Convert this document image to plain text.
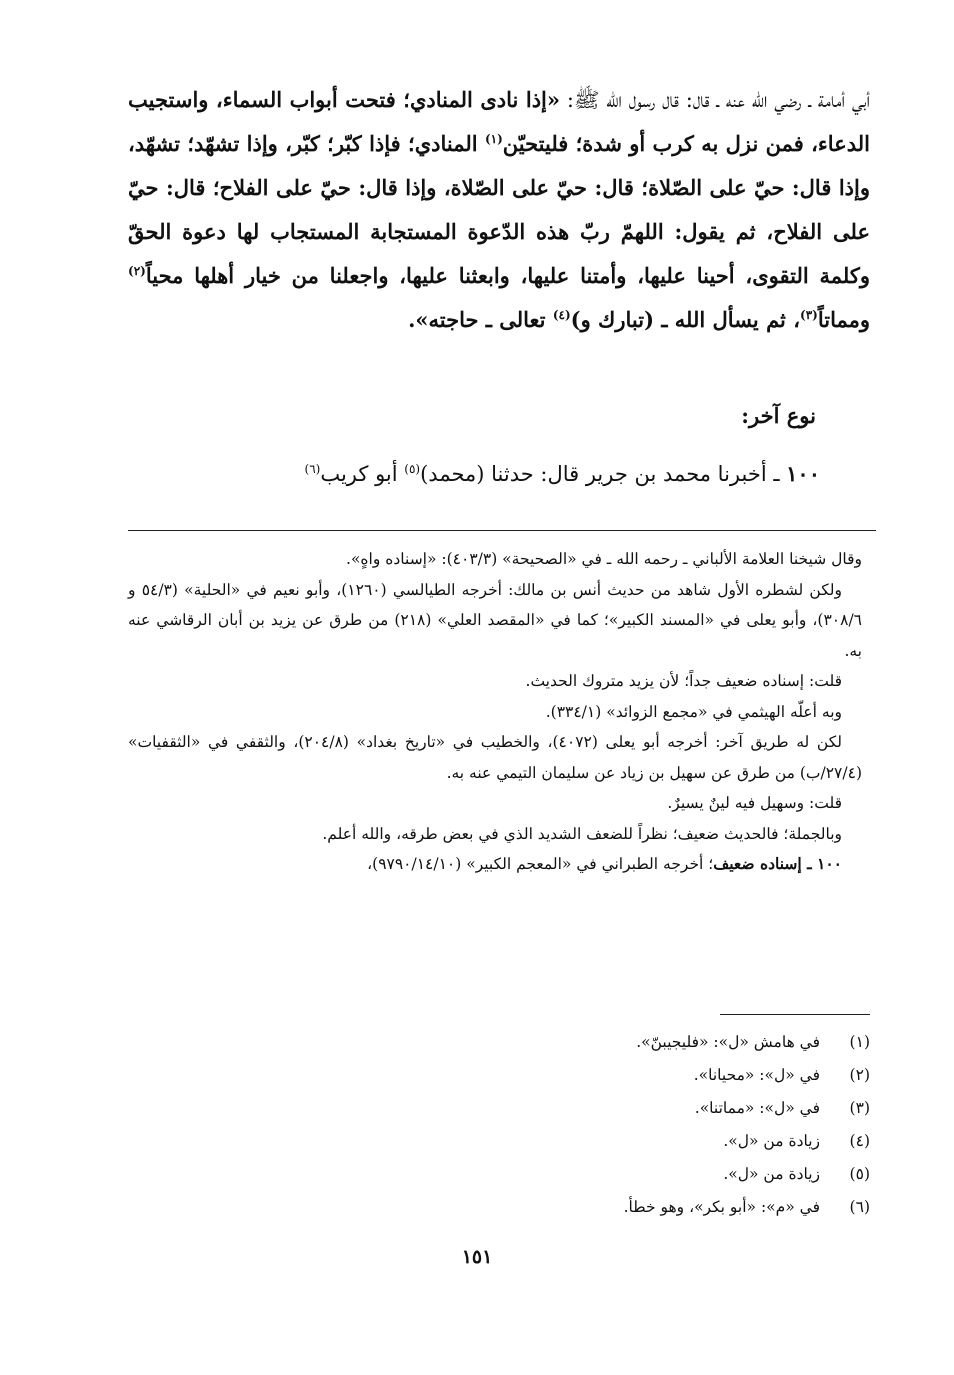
أبي أمامة ـ رضي الله عنه ـ قال: قال رسول الله ﷺ: «إذا نادى المنادي؛ فتحت أبواب السماء، واستجيب الدعاء، فمن نزل به كرب أو شدة؛ فليتحيّن$^{(١)}$ المنادي؛ فإذا كبّر؛ كبّر، وإذا تشهّد؛ تشهّد، وإذا قال: حيّ على الصّلاة؛ قال: حيّ على الصّلاة، وإذا قال: حيّ على الفلاح؛ قال: حيّ على الفلاح، ثم يقول: اللهمّ ربّ هذه الدّعوة المستجابة المستجاب لها دعوة الحقّ وكلمة التقوى، أحينا عليها، وأمتنا عليها، وابعثنا عليها، واجعلنا من خيار أهلها محياً$^{(٢)}$ ومماتاً$^{(٣)}$، ثم يسأل الله ـ (تبارك و)$^{(٤)}$ تعالى ـ حاجته».

نوع آخر:
١٠٠ ـ أخبرنا محمد بن جرير قال: حدثنا (محمد)$^{(٥)}$ أبو كريب$^{(٦)}$

وقال شيخنا العلامة الألباني ـ رحمه الله ـ في «الصحيحة» (٤٠٣/٣): «إسناده واهٍ».

ولكن لشطره الأول شاهد من حديث أنس بن مالك: أخرجه الطيالسي (١٢٦٠)، وأبو نعيم في «الحلية» (٥٤/٣ و ٣٠٨/٦)، وأبو يعلى في «المسند الكبير»؛ كما في «المقصد العلي» (٢١٨) من طرق عن يزيد بن أبان الرقاشي عنه به.

قلت: إسناده ضعيف جداً؛ لأن يزيد متروك الحديث.

وبه أعلّه الهيثمي في «مجمع الزوائد» (٣٣٤/١).

لكن له طريق آخر: أخرجه أبو يعلى (٤٠٧٢)، والخطيب في «تاريخ بغداد» (٢٠٤/٨)، والثقفي في «الثقفيات» (٢٧/٤/ب) من طرق عن سهيل بن زياد عن سليمان التيمي عنه به.

قلت: وسهيل فيه لينٌ يسيرٌ.

وبالجملة؛ فالحديث ضعيف؛ نظراً للضعف الشديد الذي في بعض طرقه، والله أعلم.

١٠٠ ـ إسناده ضعيف؛ أخرجه الطبراني في «المعجم الكبير» (٩٧٩٠/١٤/١٠)،

(١)
في هامش «ل»: «فليجيبنّ».
(٢)
في «ل»: «محيانا».
(٣)
في «ل»: «مماتنا».
(٤)
زيادة من «ل».
(٥)
زيادة من «ل».
(٦)
في «م»: «أبو بكر»، وهو خطأ.
١٥١
